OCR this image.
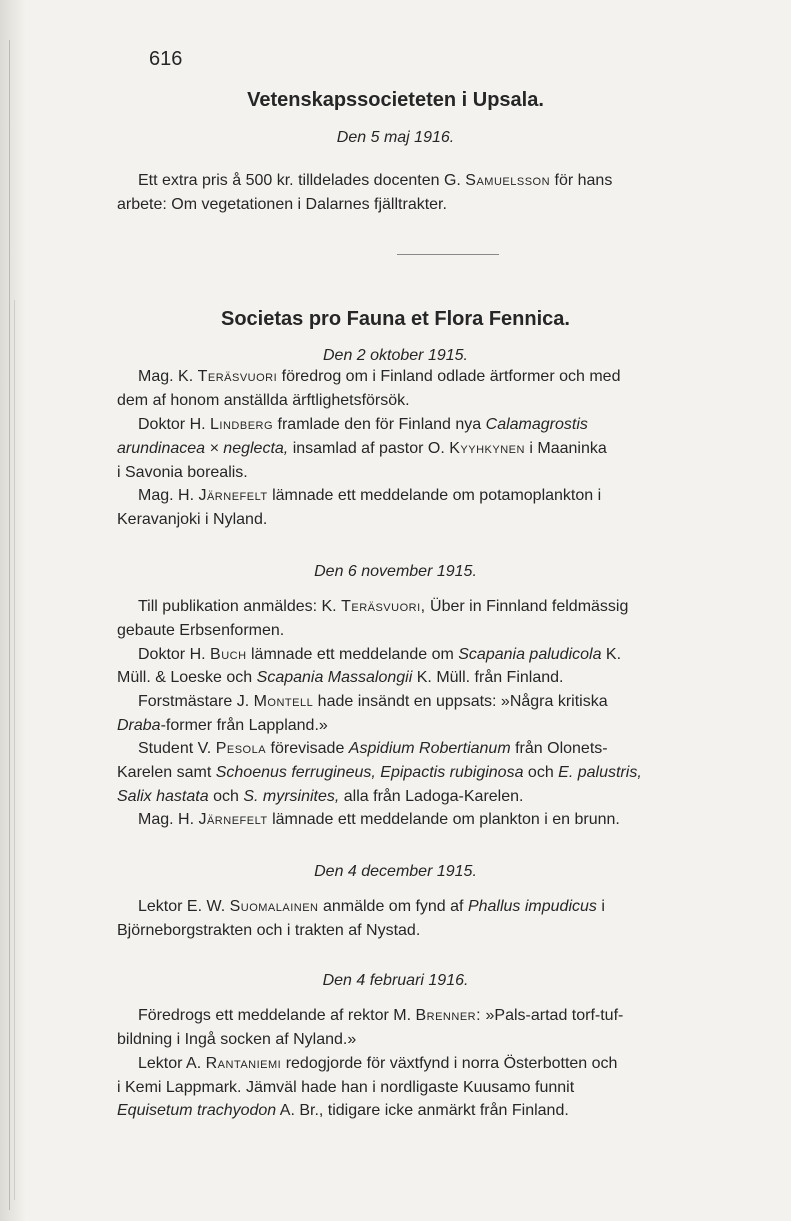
616
Vetenskapssocieteten i Upsala.
Den 5 maj 1916.
Ett extra pris å 500 kr. tilldelades docenten G. Samuelsson för hans
arbete: Om vegetationen i Dalarnes fjälltrakter.
Societas pro Fauna et Flora Fennica.
Den 2 oktober 1915.
Mag. K. Teräsvuori föredrog om i Finland odlade ärtformer och med
dem af honom anställda ärftlighetsförsök.
Doktor H. Lindberg framlade den för Finland nya Calamagrostis
arundinacea × neglecta, insamlad af pastor O. Kyyhkynen i Maaninka
i Savonia borealis.
Mag. H. Järnefelt lämnade ett meddelande om potamoplankton i
Keravanjoki i Nyland.
Den 6 november 1915.
Till publikation anmäldes: K. Teräsvuori, Über in Finnland feldmässig
gebaute Erbsenformen.
Doktor H. Buch lämnade ett meddelande om Scapania paludicola K.
Müll. & Loeske och Scapania Massalongii K. Müll. från Finland.
Forstmästare J. Montell hade insändt en uppsats: »Några kritiska
Draba-former från Lappland.»
Student V. Pesola förevisade Aspidium Robertianum från Olonets-
Karelen samt Schoenus ferrugineus, Epipactis rubiginosa och E. palustris,
Salix hastata och S. myrsinites, alla från Ladoga-Karelen.
Mag. H. Järnefelt lämnade ett meddelande om plankton i en brunn.
Den 4 december 1915.
Lektor E. W. Suomalainen anmälde om fynd af Phallus impudicus i
Björneborgstrakten och i trakten af Nystad.
Den 4 februari 1916.
Föredrogs ett meddelande af rektor M. Brenner: »Pals-artad torf-tuf-
bildning i Ingå socken af Nyland.»
Lektor A. Rantaniemi redogjorde för växtfynd i norra Österbotten och
i Kemi Lappmark. Jämväl hade han i nordligaste Kuusamo funnit
Equisetum trachyodon A. Br., tidigare icke anmärkt från Finland.
